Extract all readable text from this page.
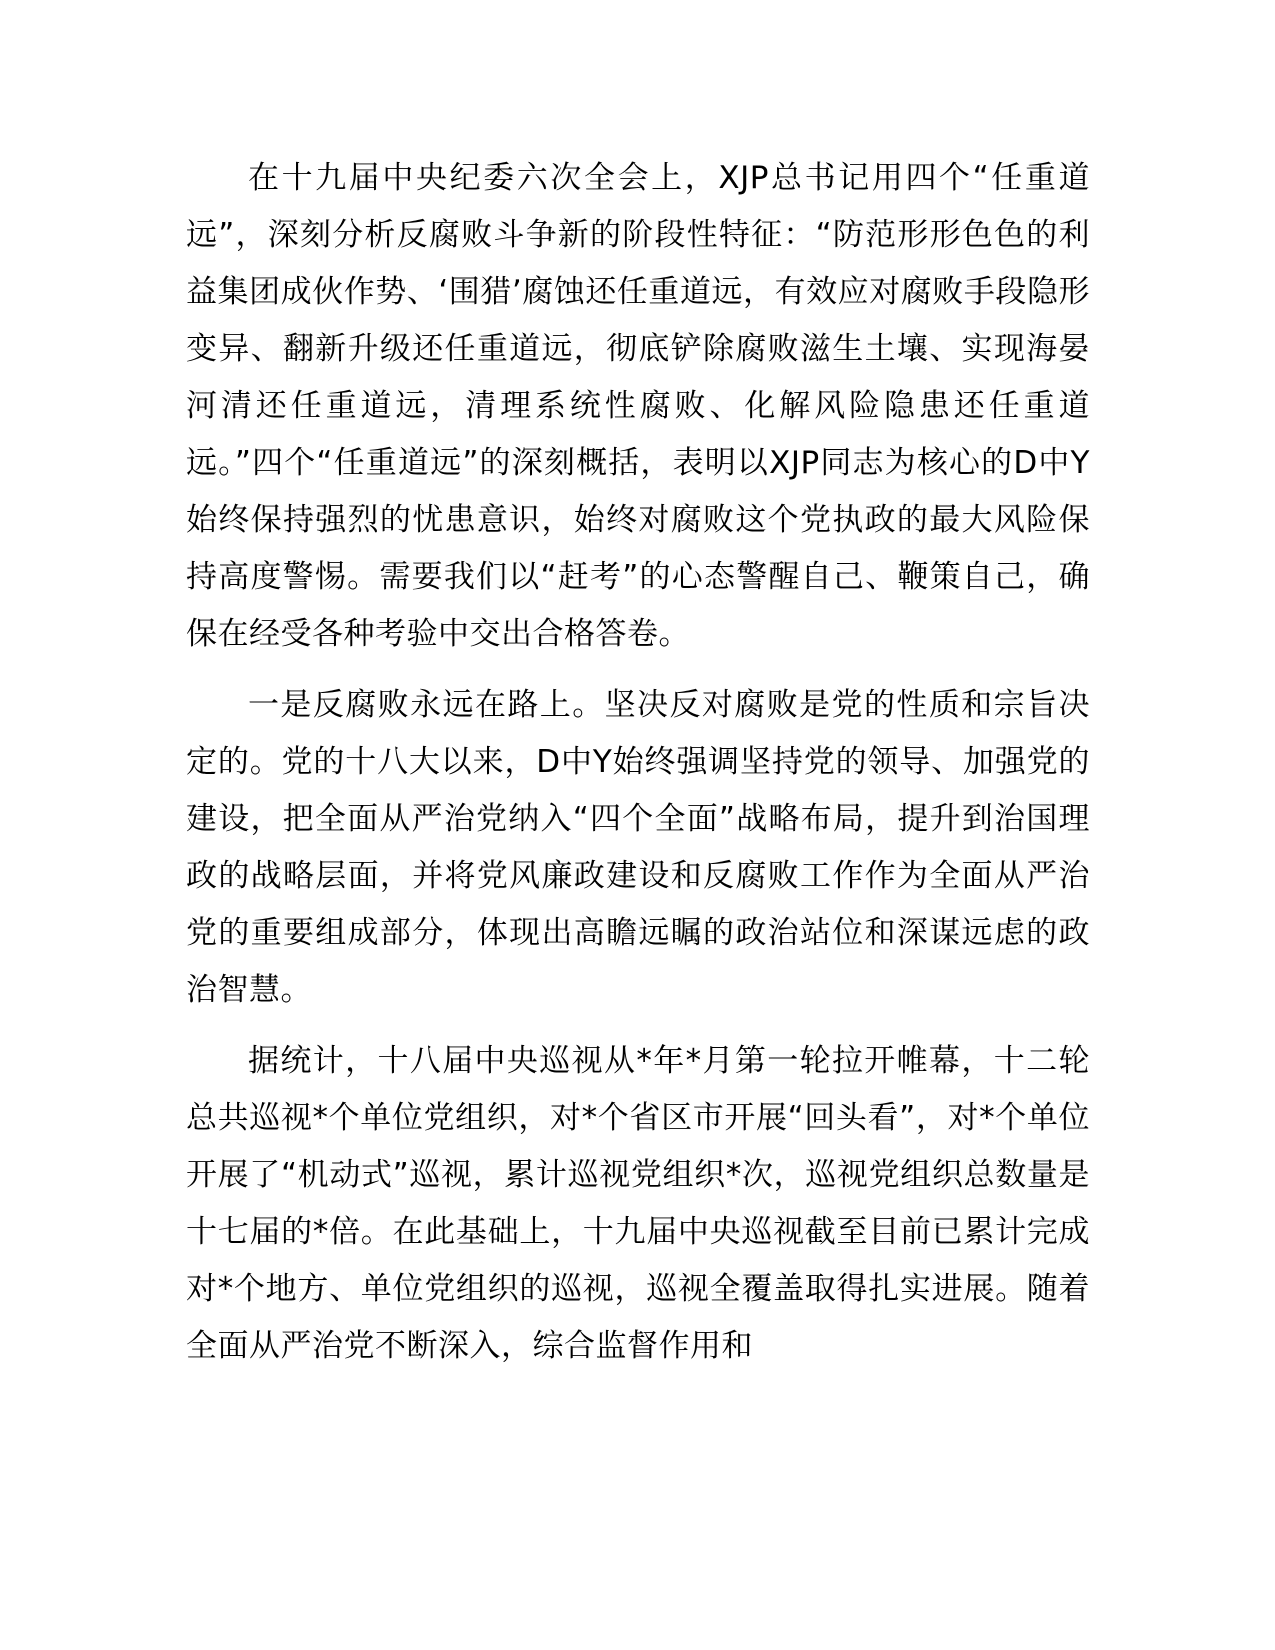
在十九届中央纪委六次全会上，XJP总书记用四个“任重道远”，深刻分析反腐败斗争新的阶段性特征：“防范形形色色的利益集团成伙作势、‘围猎’腐蚀还任重道远，有效应对腐败手段隐形变异、翻新升级还任重道远，彻底铲除腐败滋生土壤、实现海晏河清还任重道远，清理系统性腐败、化解风险隐患还任重道远。”四个“任重道远”的深刻概括，表明以XJP同志为核心的D中Y始终保持强烈的忧患意识，始终对腐败这个党执政的最大风险保持高度警惕。需要我们以“赶考”的心态警醒自己、鞭策自己，确保在经受各种考验中交出合格答卷。

一是反腐败永远在路上。坚决反对腐败是党的性质和宗旨决定的。党的十八大以来，D中Y始终强调坚持党的领导、加强党的建设，把全面从严治党纳入“四个全面”战略布局，提升到治国理政的战略层面，并将党风廉政建设和反腐败工作作为全面从严治党的重要组成部分，体现出高瞻远瞩的政治站位和深谋远虑的政治智慧。

据统计，十八届中央巡视从*年*月第一轮拉开帷幕，十二轮总共巡视*个单位党组织，对*个省区市开展“回头看”，对*个单位开展了“机动式”巡视，累计巡视党组织*次，巡视党组织总数量是十七届的*倍。在此基础上，十九届中央巡视截至目前已累计完成对*个地方、单位党组织的巡视，巡视全覆盖取得扎实进展。随着全面从严治党不断深入，综合监督作用和
